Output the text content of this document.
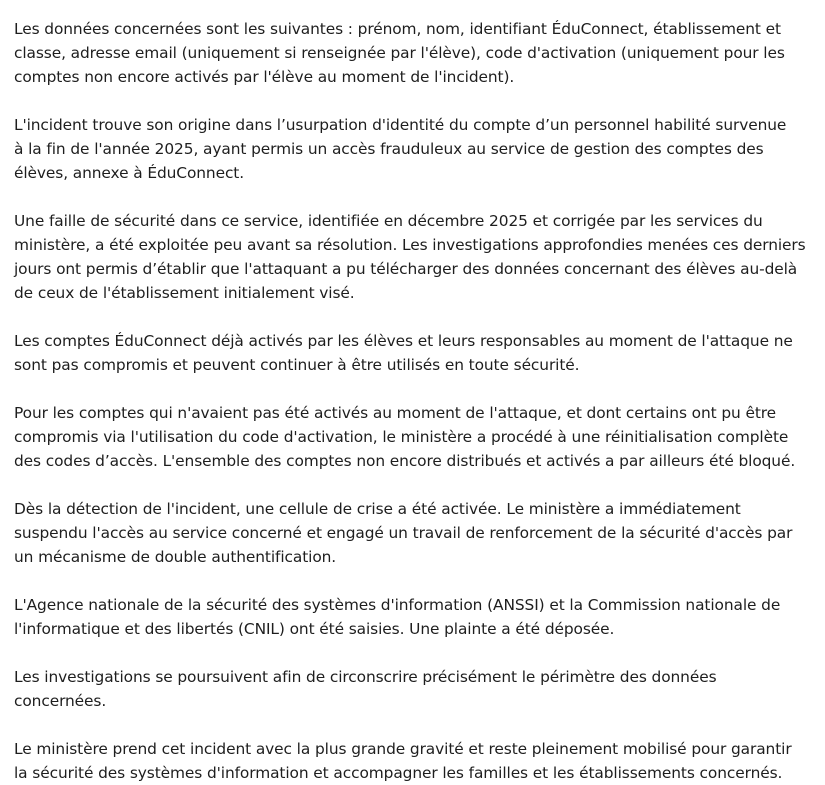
Les données concernées sont les suivantes : prénom, nom, identifiant ÉduConnect, établissement et
classe, adresse email (uniquement si renseignée par l'élève), code d'activation (uniquement pour les
comptes non encore activés par l'élève au moment de l'incident).

L'incident trouve son origine dans l’usurpation d'identité du compte d’un personnel habilité survenue
à la fin de l'année 2025, ayant permis un accès frauduleux au service de gestion des comptes des
élèves, annexe à ÉduConnect.

Une faille de sécurité dans ce service, identifiée en décembre 2025 et corrigée par les services du
ministère, a été exploitée peu avant sa résolution. Les investigations approfondies menées ces derniers
jours ont permis d’établir que l'attaquant a pu télécharger des données concernant des élèves au-delà
de ceux de l'établissement initialement visé.

Les comptes ÉduConnect déjà activés par les élèves et leurs responsables au moment de l'attaque ne
sont pas compromis et peuvent continuer à être utilisés en toute sécurité.

Pour les comptes qui n'avaient pas été activés au moment de l'attaque, et dont certains ont pu être
compromis via l'utilisation du code d'activation, le ministère a procédé à une réinitialisation complète
des codes d’accès. L'ensemble des comptes non encore distribués et activés a par ailleurs été bloqué.

Dès la détection de l'incident, une cellule de crise a été activée. Le ministère a immédiatement
suspendu l'accès au service concerné et engagé un travail de renforcement de la sécurité d'accès par
un mécanisme de double authentification.

L'Agence nationale de la sécurité des systèmes d'information (ANSSI) et la Commission nationale de
l'informatique et des libertés (CNIL) ont été saisies. Une plainte a été déposée.

Les investigations se poursuivent afin de circonscrire précisément le périmètre des données
concernées.

Le ministère prend cet incident avec la plus grande gravité et reste pleinement mobilisé pour garantir
la sécurité des systèmes d'information et accompagner les familles et les établissements concernés.
